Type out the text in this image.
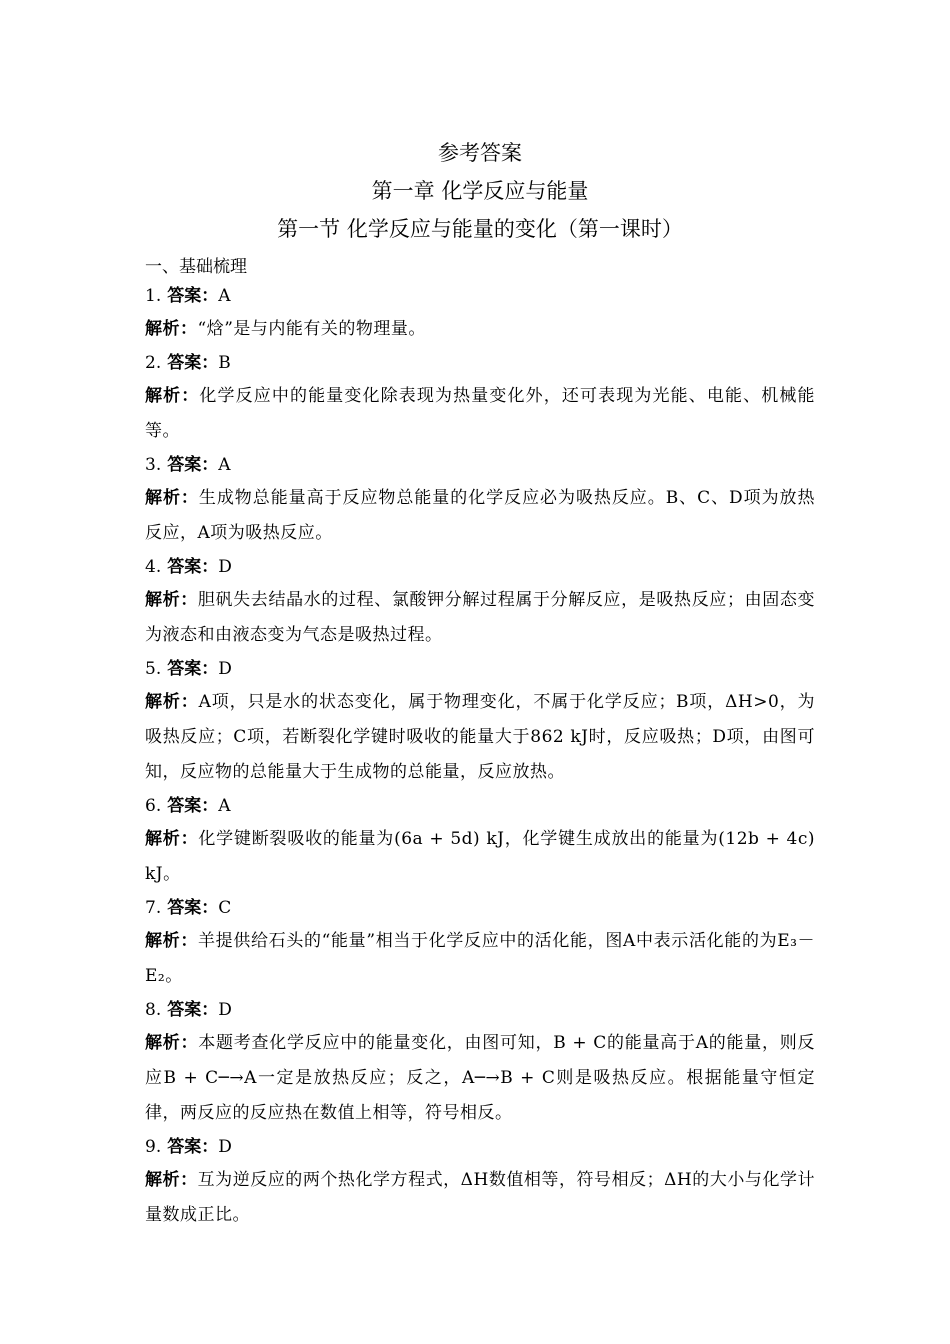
参考答案

第一章 化学反应与能量

第一节 化学反应与能量的变化（第一课时）

一、基础梳理

1. 答案：A

解析：“焓”是与内能有关的物理量。

2. 答案：B

解析：化学反应中的能量变化除表现为热量变化外，还可表现为光能、电能、机械能等。

3. 答案：A

解析：生成物总能量高于反应物总能量的化学反应必为吸热反应。B、C、D项为放热反应，A项为吸热反应。

4. 答案：D

解析：胆矾失去结晶水的过程、氯酸钾分解过程属于分解反应，是吸热反应；由固态变为液态和由液态变为气态是吸热过程。

5. 答案：D

解析：A项，只是水的状态变化，属于物理变化，不属于化学反应；B项，ΔH>0，为吸热反应；C项，若断裂化学键时吸收的能量大于862 kJ时，反应吸热；D项，由图可知，反应物的总能量大于生成物的总能量，反应放热。

6. 答案：A

解析：化学键断裂吸收的能量为(6a + 5d) kJ，化学键生成放出的能量为(12b + 4c) kJ。

7. 答案：C

解析：羊提供给石头的“能量”相当于化学反应中的活化能，图A中表示活化能的为E₃－E₂。

8. 答案：D

解析：本题考查化学反应中的能量变化，由图可知，B + C的能量高于A的能量，则反应B + C─→A一定是放热反应；反之，A─→B + C则是吸热反应。根据能量守恒定律，两反应的反应热在数值上相等，符号相反。

9. 答案：D

解析：互为逆反应的两个热化学方程式，ΔH数值相等，符号相反；ΔH的大小与化学计量数成正比。
